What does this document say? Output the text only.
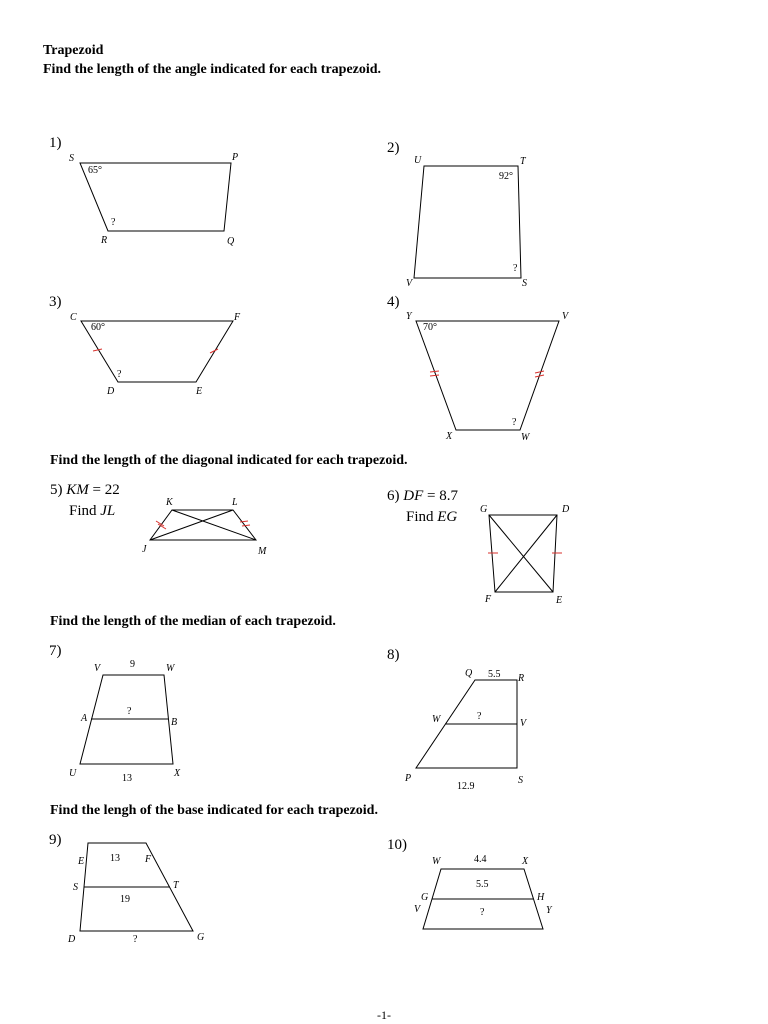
Trapezoid
Find the length of the angle indicated for each trapezoid.
Find the length of the diagonal indicated for each trapezoid.
Find the length of the median of each trapezoid.
Find the lengh of the base indicated for each trapezoid.
1)	2)
3)	4)
7)	8)
9)	10)
5) KM = 22
Find JL
6) DF = 8.7
Find EG
S	P
R	Q
65°
?
U	T
V	S
92°
?
C	F
D	E
60°
?
Y	V
X	W
70°
?
K	L
J	M
G	D
F	E
V	W
A	B
U	X
9
?
13
Q	R
W	V
P	S
5.5
?
12.9
E	F
S	T
D	G
13
19
?
W	X
G	H
V	Y
4.4
5.5
?
-1-
